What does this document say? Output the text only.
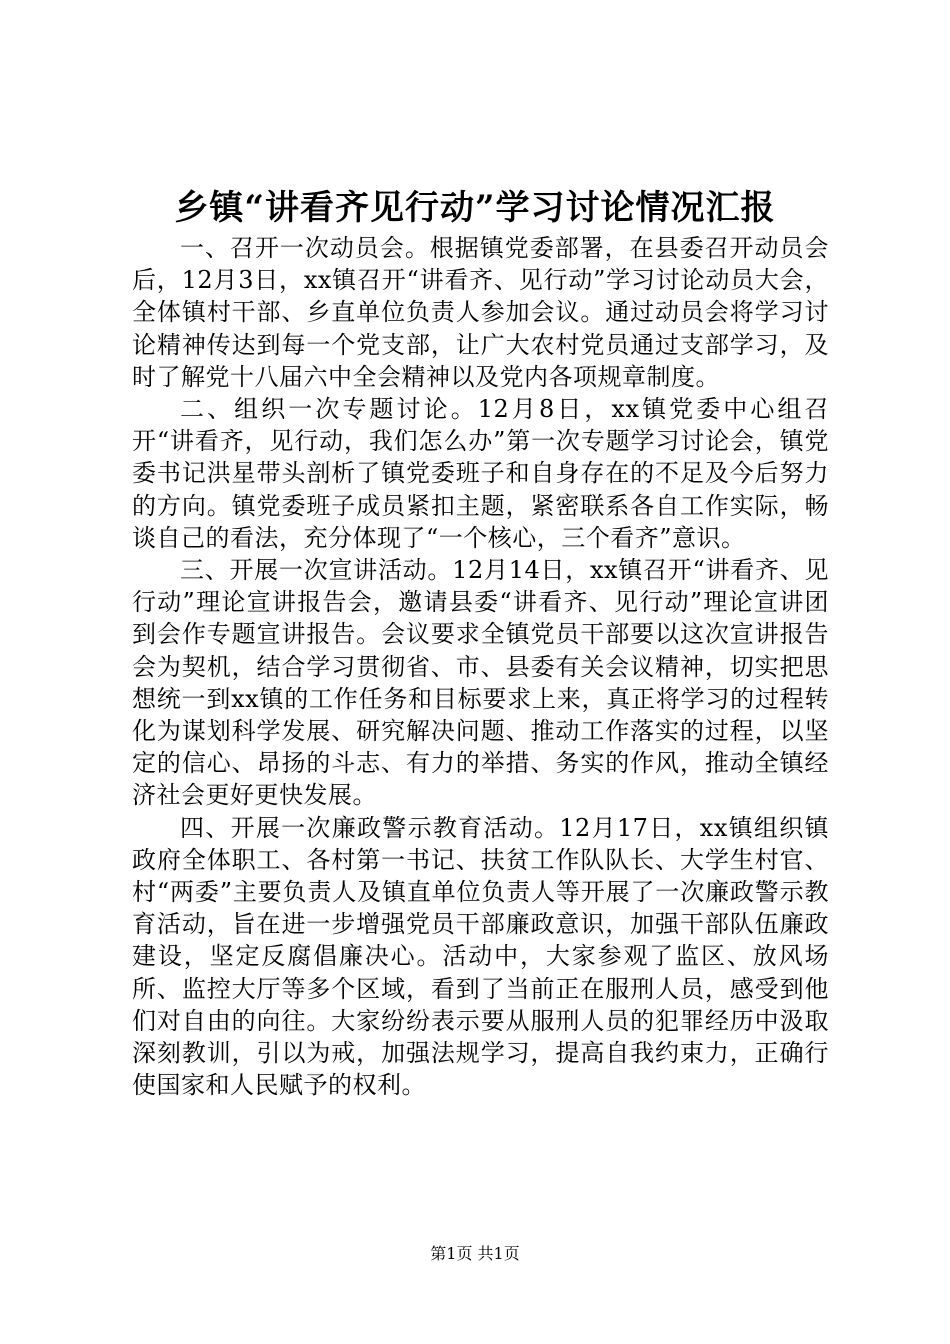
乡镇“讲看齐见行动”学习讨论情况汇报

一、召开一次动员会。根据镇党委部署，在县委召开动员会后，12月3日，xx镇召开“讲看齐、见行动”学习讨论动员大会，全体镇村干部、乡直单位负责人参加会议。通过动员会将学习讨论精神传达到每一个党支部，让广大农村党员通过支部学习，及时了解党十八届六中全会精神以及党内各项规章制度。

二、组织一次专题讨论。12月8日，xx镇党委中心组召开“讲看齐，见行动，我们怎么办”第一次专题学习讨论会，镇党委书记洪星带头剖析了镇党委班子和自身存在的不足及今后努力的方向。镇党委班子成员紧扣主题，紧密联系各自工作实际，畅谈自己的看法，充分体现了“一个核心，三个看齐”意识。

三、开展一次宣讲活动。12月14日，xx镇召开“讲看齐、见行动”理论宣讲报告会，邀请县委“讲看齐、见行动”理论宣讲团到会作专题宣讲报告。会议要求全镇党员干部要以这次宣讲报告会为契机，结合学习贯彻省、市、县委有关会议精神，切实把思想统一到xx镇的工作任务和目标要求上来，真正将学习的过程转化为谋划科学发展、研究解决问题、推动工作落实的过程，以坚定的信心、昂扬的斗志、有力的举措、务实的作风，推动全镇经济社会更好更快发展。

四、开展一次廉政警示教育活动。12月17日，xx镇组织镇政府全体职工、各村第一书记、扶贫工作队队长、大学生村官、村“两委”主要负责人及镇直单位负责人等开展了一次廉政警示教育活动，旨在进一步增强党员干部廉政意识，加强干部队伍廉政建设，坚定反腐倡廉决心。活动中，大家参观了监区、放风场所、监控大厅等多个区域，看到了当前正在服刑人员，感受到他们对自由的向往。大家纷纷表示要从服刑人员的犯罪经历中汲取深刻教训，引以为戒，加强法规学习，提高自我约束力，正确行使国家和人民赋予的权利。

第1页 共1页
